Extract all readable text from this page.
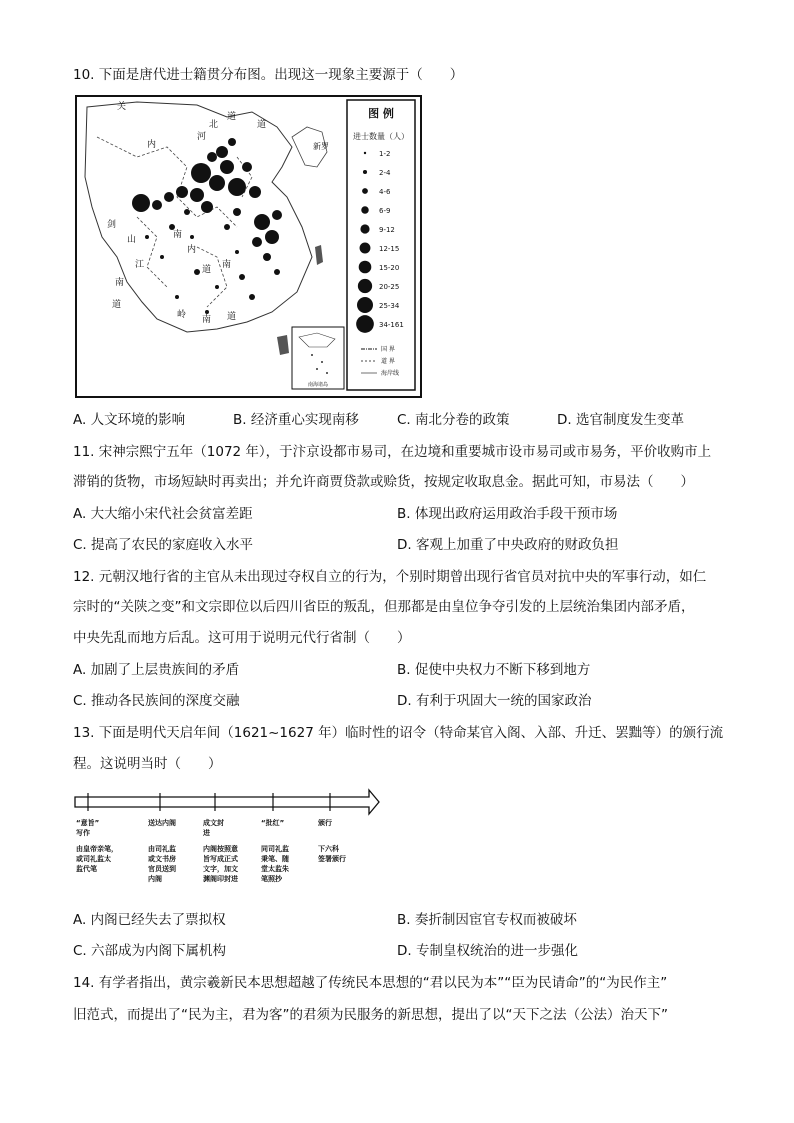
10. 下面是唐代进士籍贯分布图。出现这一现象主要源于（　　）
关
内
河
北
道
道
新罗
山	南
剑
江
南
道
内
道 南
岭 南 道
图 例
进士数量（人）
1-2
2-4
4-6
6-9
9-12
12-15
15-20
20-25
25-34
34-161
国 界
道 界
海岸线
南海诸岛
A. 人文环境的影响	B. 经济重心实现南移	C. 南北分卷的政策	D. 选官制度发生变革
11. 宋神宗熙宁五年（1072 年），于汴京设都市易司，在边境和重要城市设市易司或市易务，平价收购市上
滞销的货物，市场短缺时再卖出；并允许商贾贷款或赊货，按规定收取息金。据此可知，市易法（　　）
A. 大大缩小宋代社会贫富差距	B. 体现出政府运用政治手段干预市场
C. 提高了农民的家庭收入水平	D. 客观上加重了中央政府的财政负担
12. 元朝汉地行省的主官从未出现过夺权自立的行为，个别时期曾出现行省官员对抗中央的军事行动，如仁
宗时的“关陕之变”和文宗即位以后四川省臣的叛乱，但那都是由皇位争夺引发的上层统治集团内部矛盾，
中央先乱而地方后乱。这可用于说明元代行省制（　　）
A. 加剧了上层贵族间的矛盾	B. 促使中央权力不断下移到地方
C. 推动各民族间的深度交融	D. 有利于巩固大一统的国家政治
13. 下面是明代天启年间（1621~1627 年）临时性的诏令（特命某官入阁、入部、升迁、罢黜等）的颁行流
程。这说明当时（　　）
“意旨”
写作
由皇帝亲笔，
或司礼监太
监代笔
送达内阁
由司礼监
或文书房
官员送到
内阁
成文封
进
内阁按照意
旨写成正式
文字，加文
渊阁印封进
“批红”
同司礼监
秉笔、随
堂太监朱
笔照抄
颁行
下六科
签署颁行
A. 内阁已经失去了票拟权	B. 奏折制因宦官专权而被破坏
C. 六部成为内阁下属机构	D. 专制皇权统治的进一步强化
14. 有学者指出，黄宗羲新民本思想超越了传统民本思想的“君以民为本”“臣为民请命”的“为民作主”
旧范式，而提出了“民为主，君为客”的君须为民服务的新思想，提出了以“天下之法（公法）治天下”
